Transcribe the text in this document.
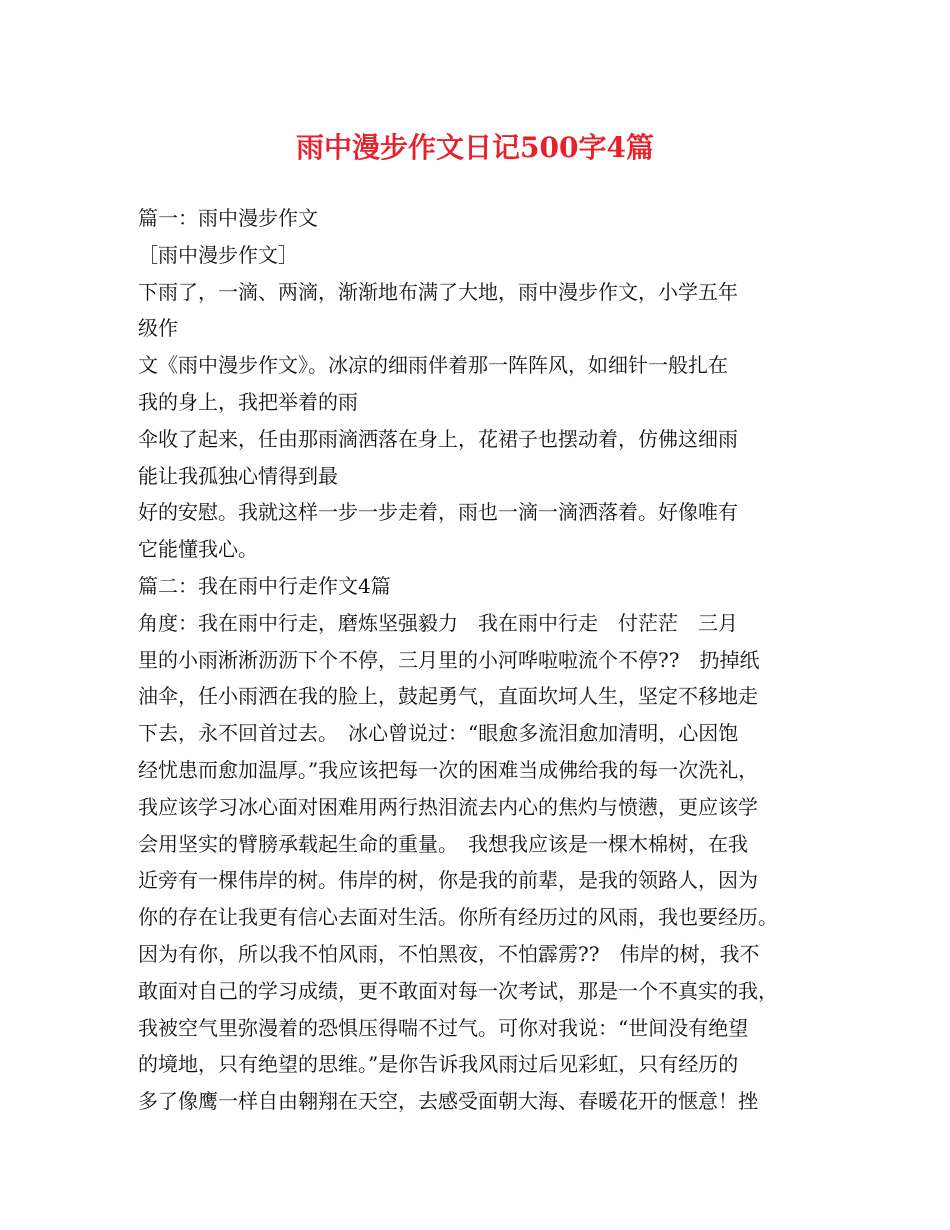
雨中漫步作文日记500字4篇
篇一：雨中漫步作文
［雨中漫步作文］
下雨了，一滴、两滴，渐渐地布满了大地，雨中漫步作文，小学五年
级作
文《雨中漫步作文》。冰凉的细雨伴着那一阵阵风，如细针一般扎在
我的身上，我把举着的雨
伞收了起来，任由那雨滴洒落在身上，花裙子也摆动着，仿佛这细雨
能让我孤独心情得到最
好的安慰。我就这样一步一步走着，雨也一滴一滴洒落着。好像唯有
它能懂我心。
篇二：我在雨中行走作文4篇
角度：我在雨中行走，磨炼坚强毅力　我在雨中行走　付茫茫　三月
里的小雨淅淅沥沥下个不停，三月里的小河哗啦啦流个不停??　扔掉纸
油伞，任小雨洒在我的脸上，鼓起勇气，直面坎坷人生，坚定不移地走
下去，永不回首过去。　冰心曾说过：“眼愈多流泪愈加清明，心因饱
经忧患而愈加温厚。”我应该把每一次的困难当成佛给我的每一次洗礼，
我应该学习冰心面对困难用两行热泪流去内心的焦灼与愤懑，更应该学
会用坚实的臂膀承载起生命的重量。　我想我应该是一棵木棉树，在我
近旁有一棵伟岸的树。伟岸的树，你是我的前辈，是我的领路人，因为
你的存在让我更有信心去面对生活。你所有经历过的风雨，我也要经历。
因为有你，所以我不怕风雨，不怕黑夜，不怕霹雳??　伟岸的树，我不
敢面对自己的学习成绩，更不敢面对每一次考试，那是一个不真实的我，
我被空气里弥漫着的恐惧压得喘不过气。可你对我说：“世间没有绝望
的境地，只有绝望的思维。”是你告诉我风雨过后见彩虹，只有经历的
多了像鹰一样自由翱翔在天空，去感受面朝大海、春暖花开的惬意！挫
